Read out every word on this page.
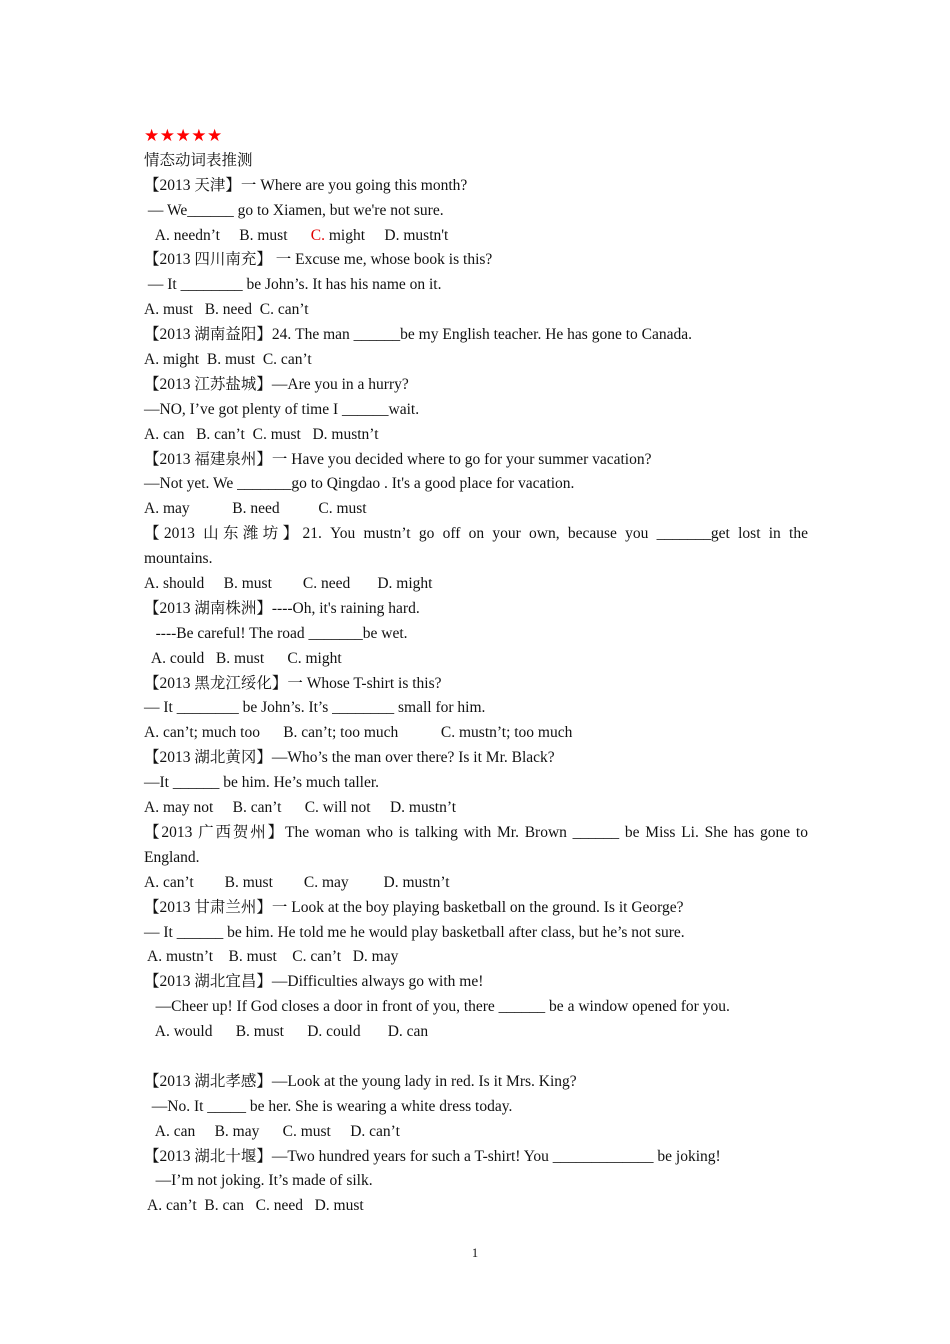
★★★★★
情态动词表推测
【2013 天津】一 Where are you going this month?
— We______ go to Xiamen, but we're not sure.
A. needn’t     B. must      C. might     D. mustn't
【2013 四川南充】 一 Excuse me, whose book is this?
— It ________ be John’s. It has his name on it.
A. must   B. need  C. can’t
【2013 湖南益阳】24. The man ______be my English teacher. He has gone to Canada.
A. might  B. must  C. can’t
【2013 江苏盐城】—Are you in a hurry?
—NO, I’ve got plenty of time I ______wait.
A. can   B. can’t  C. must   D. mustn’t
【2013 福建泉州】一 Have you decided where to go for your summer vacation?
—Not yet. We _______go to Qingdao . It's a good place for vacation.
A. may           B. need          C. must
【2013 山东潍坊】21. You mustn’t go off on your own, because you _______get lost in the
mountains.
A. should     B. must        C. need       D. might
【2013 湖南株洲】----Oh, it's raining hard.
----Be careful! The road _______be wet.
A. could   B. must      C. might
【2013 黑龙江绥化】一 Whose T-shirt is this?
— It ________ be John’s. It’s ________ small for him.
A. can’t; much too      B. can’t; too much           C. mustn’t; too much
【2013 湖北黄冈】—Who’s the man over there? Is it Mr. Black?
—It ______ be him. He’s much taller.
A. may not     B. can’t      C. will not     D. mustn’t
【2013 广西贺州】The woman who is talking with Mr. Brown ______ be Miss Li. She has gone to
England.
A. can’t        B. must        C. may         D. mustn’t
【2013 甘肃兰州】一 Look at the boy playing basketball on the ground. Is it George?
— It ______ be him. He told me he would play basketball after class, but he’s not sure.
A. mustn’t    B. must    C. can’t   D. may
【2013 湖北宜昌】—Difficulties always go with me!
—Cheer up! If God closes a door in front of you, there ______ be a window opened for you.
A. would      B. must      D. could       D. can
【2013 湖北孝感】—Look at the young lady in red. Is it Mrs. King?
—No. It _____ be her. She is wearing a white dress today.
A. can     B. may      C. must     D. can’t
【2013 湖北十堰】—Two hundred years for such a T-shirt! You _____________ be joking!
—I’m not joking. It’s made of silk.
A. can’t  B. can   C. need   D. must
1
